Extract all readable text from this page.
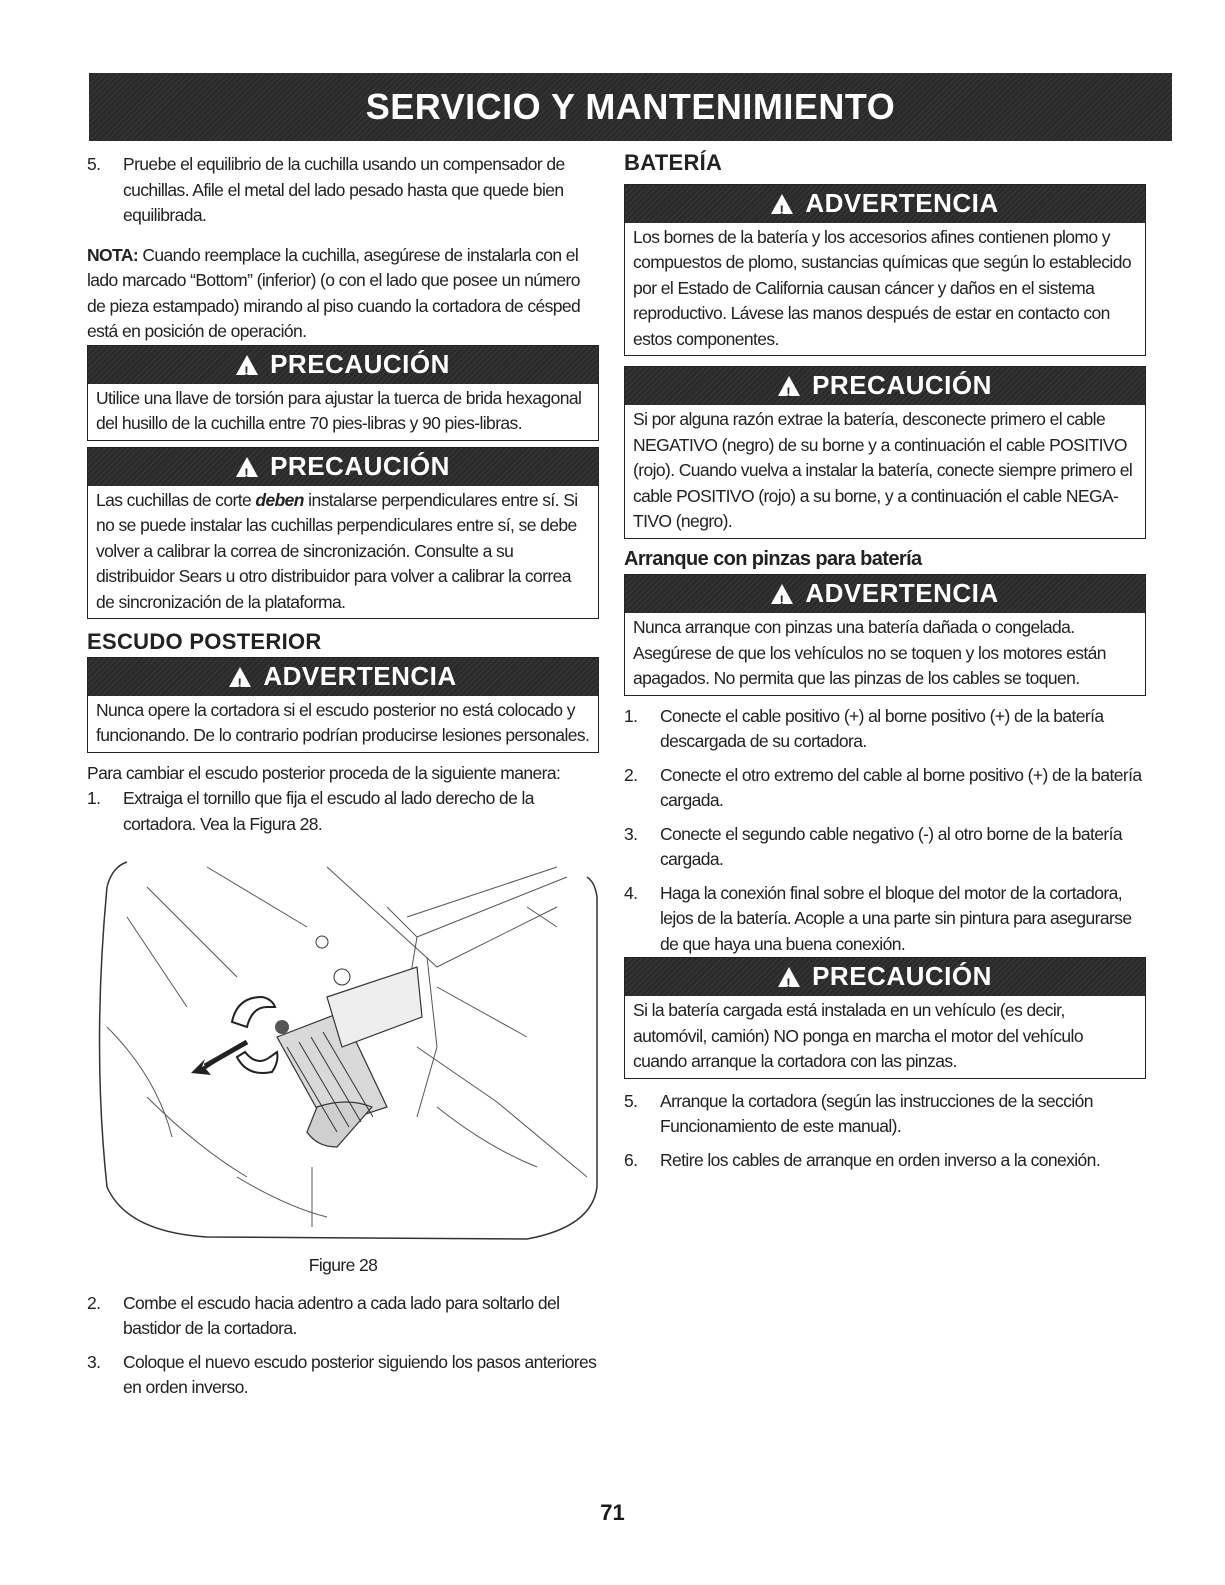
SERVICIO Y MANTENIMIENTO
5.	Pruebe el equilibrio de la cuchilla usando un compensador de cuchillas. Afile el metal del lado pesado hasta que quede bien equilibrada.

NOTA: Cuando reemplace la cuchilla, asegúrese de instalarla con el lado marcado “Bottom” (inferior) (o con el lado que posee un número de pieza estampado) mirando al piso cuando la cortadora de césped está en posición de operación.

!
PRECAUCIÓN
Utilice una llave de torsión para ajustar la tuerca de brida hexagonal del husillo de la cuchilla entre 70 pies-libras y 90 pies-libras.
!
PRECAUCIÓN
Las cuchillas de corte deben instalarse perpendiculares entre sí. Si no se puede instalar las cuchillas perpendiculares entre sí, se debe volver a calibrar la correa de sincronización. Consulte a su distribuidor Sears u otro distribuidor para volver a calibrar la correa de sincronización de la plataforma.
ESCUDO POSTERIOR
!
ADVERTENCIA
Nunca opere la cortadora si el escudo posterior no está colocado y funcionando. De lo contrario podrían producirse lesiones personales.

Para cambiar el escudo posterior proceda de la siguiente manera:

1.	Extraiga el tornillo que fija el escudo al lado derecho de la cortadora. Vea la Figura 28.
Figure 28
2.	Combe el escudo hacia adentro a cada lado para soltarlo del bastidor de la cortadora.
3.	Coloque el nuevo escudo posterior siguiendo los pasos anteriores en orden inverso.
BATERÍA
!
ADVERTENCIA
Los bornes de la batería y los accesorios afines contienen plomo y compuestos de plomo, sustancias químicas que según lo establecido por el Estado de California causan cáncer y daños en el sistema reproductivo. Lávese las manos después de estar en contacto con estos componentes.
!
PRECAUCIÓN
Si por alguna razón extrae la batería, desconecte primero el cable NEGATIVO (negro) de su borne y a continuación el cable POSITIVO (rojo). Cuando vuelva a instalar la batería, conecte siempre primero el cable POSITIVO (rojo) a su borne, y a continuación el cable NEGA-TIVO (negro).
Arranque con pinzas para batería
!
ADVERTENCIA
Nunca arranque con pinzas una batería dañada o congelada. Asegúrese de que los vehículos no se toquen y los motores están apagados. No permita que las pinzas de los cables se toquen.
1.	Conecte el cable positivo (+) al borne positivo (+) de la batería descargada de su cortadora.
2.	Conecte el otro extremo del cable al borne positivo (+) de la batería cargada.
3.	Conecte el segundo cable negativo (-) al otro borne de la batería cargada.
4.	Haga la conexión final sobre el bloque del motor de la cortadora, lejos de la batería. Acople a una parte sin pintura para asegurarse de que haya una buena conexión.
!
PRECAUCIÓN
Si la batería cargada está instalada en un vehículo (es decir, automóvil, camión) NO ponga en marcha el motor del vehículo cuando arranque la cortadora con las pinzas.
5.	Arranque la cortadora (según las instrucciones de la sección Funcionamiento de este manual).
6.	Retire los cables de arranque en orden inverso a la conexión.
71
